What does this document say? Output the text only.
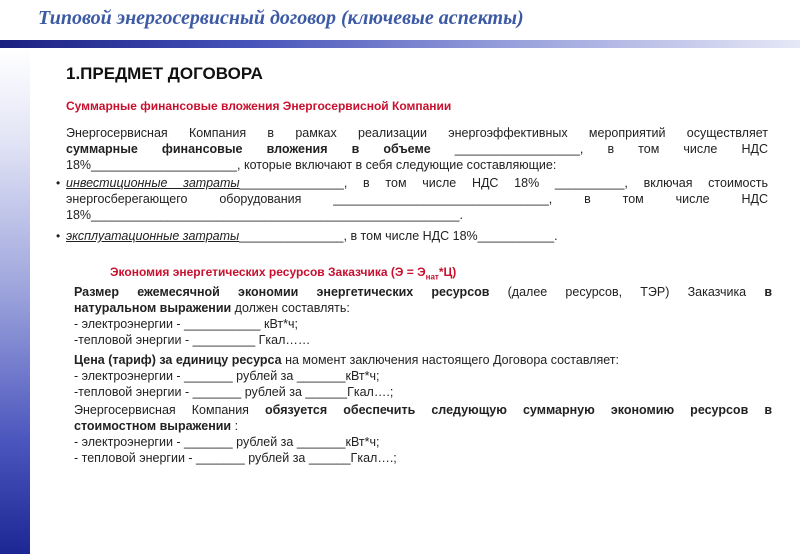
Типовой энергосервисный договор (ключевые аспекты)
1.ПРЕДМЕТ ДОГОВОРА
Суммарные финансовые вложения Энергосервисной Компании
Энергосервисная Компания в рамках реализации энергоэффективных мероприятий осуществляет
суммарные финансовые вложения в объеме __________________, в том числе НДС
18%_____________________, которые включают в себя следующие составляющие:
• инвестиционные затраты_______________, в том числе НДС 18% __________, включая стоимость
энергосберегающего оборудования _______________________________, в том числе НДС
18%_____________________________________________________.
• эксплуатационные затраты_______________, в том числе НДС 18%___________.
Экономия энергетических ресурсов Заказчика $(Э = Э_{нат}*Ц)$
Размер ежемесячной экономии энергетических ресурсов (далее ресурсов, ТЭР) Заказчика в
натуральном выражении должен составлять:
- электроэнергии - ___________ кВт*ч;
-тепловой энергии - _________ Гкал……
Цена (тариф) за единицу ресурса на момент заключения настоящего Договора составляет:
- электроэнергии - _______ рублей за _______кВт*ч;
-тепловой энергии - _______ рублей за ______Гкал….;
Энергосервисная Компания обязуется обеспечить следующую суммарную экономию ресурсов в
стоимостном выражении :
- электроэнергии - _______ рублей за _______кВт*ч;
- тепловой энергии - _______ рублей за ______Гкал….;
